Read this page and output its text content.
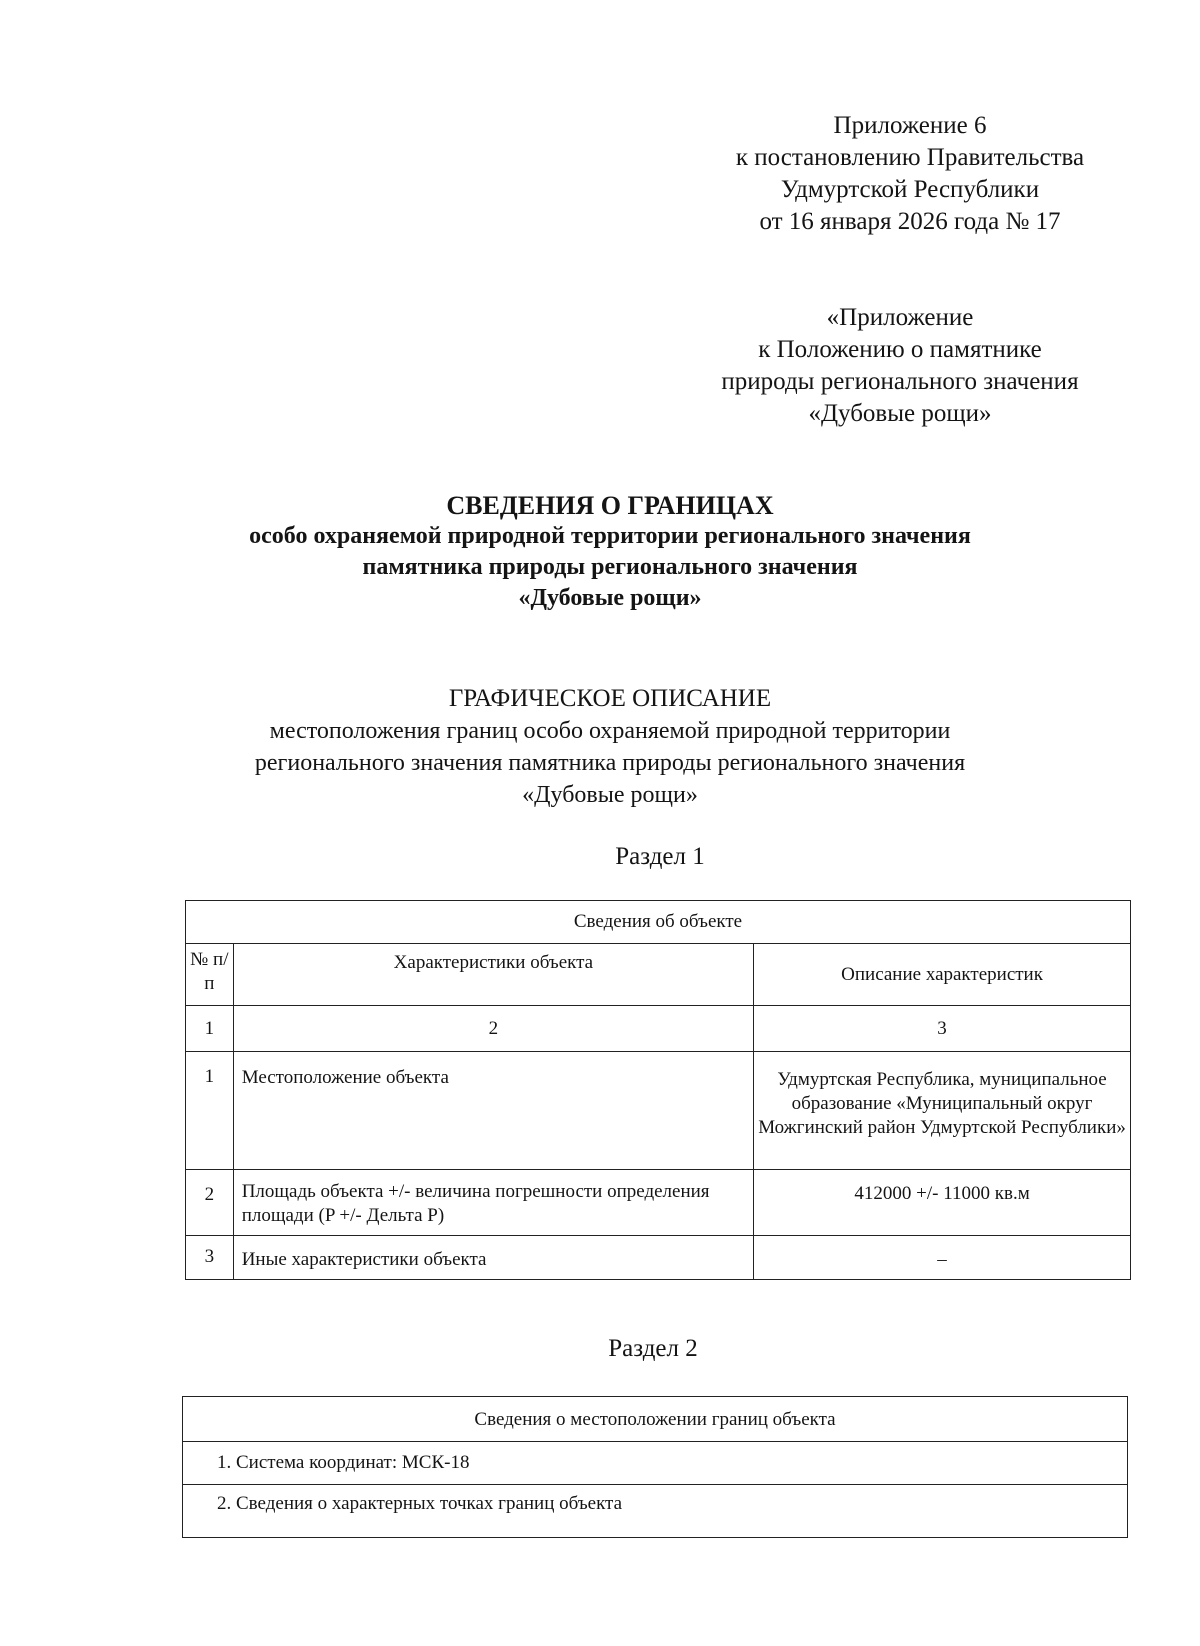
Приложение 6
к постановлению Правительства
Удмуртской Республики
от 16 января 2026 года № 17
«Приложение
к Положению о памятнике
природы регионального значения
«Дубовые рощи»
СВЕДЕНИЯ О ГРАНИЦАХ
особо охраняемой природной территории регионального значения
памятника природы регионального значения
«Дубовые рощи»
ГРАФИЧЕСКОЕ ОПИСАНИЕ
местоположения границ особо охраняемой природной территории
регионального значения памятника природы регионального значения
«Дубовые рощи»
Раздел 1
Сведения об объекте		
№ п/п	Характеристики объекта	Описание характеристик
1	2	3
1	Местоположение объекта	Удмуртская Республика, муниципальное образование «Муниципальный округ Можгинский район Удмуртской Республики»
2	Площадь объекта +/- величина погрешности определения площади (P +/- Дельта P)	412000 +/- 11000 кв.м
3	Иные характеристики объекта	–
Раздел 2
Сведения о местоположении границ объекта
1. Система координат: МСК-18
2. Сведения о характерных точках границ объекта
